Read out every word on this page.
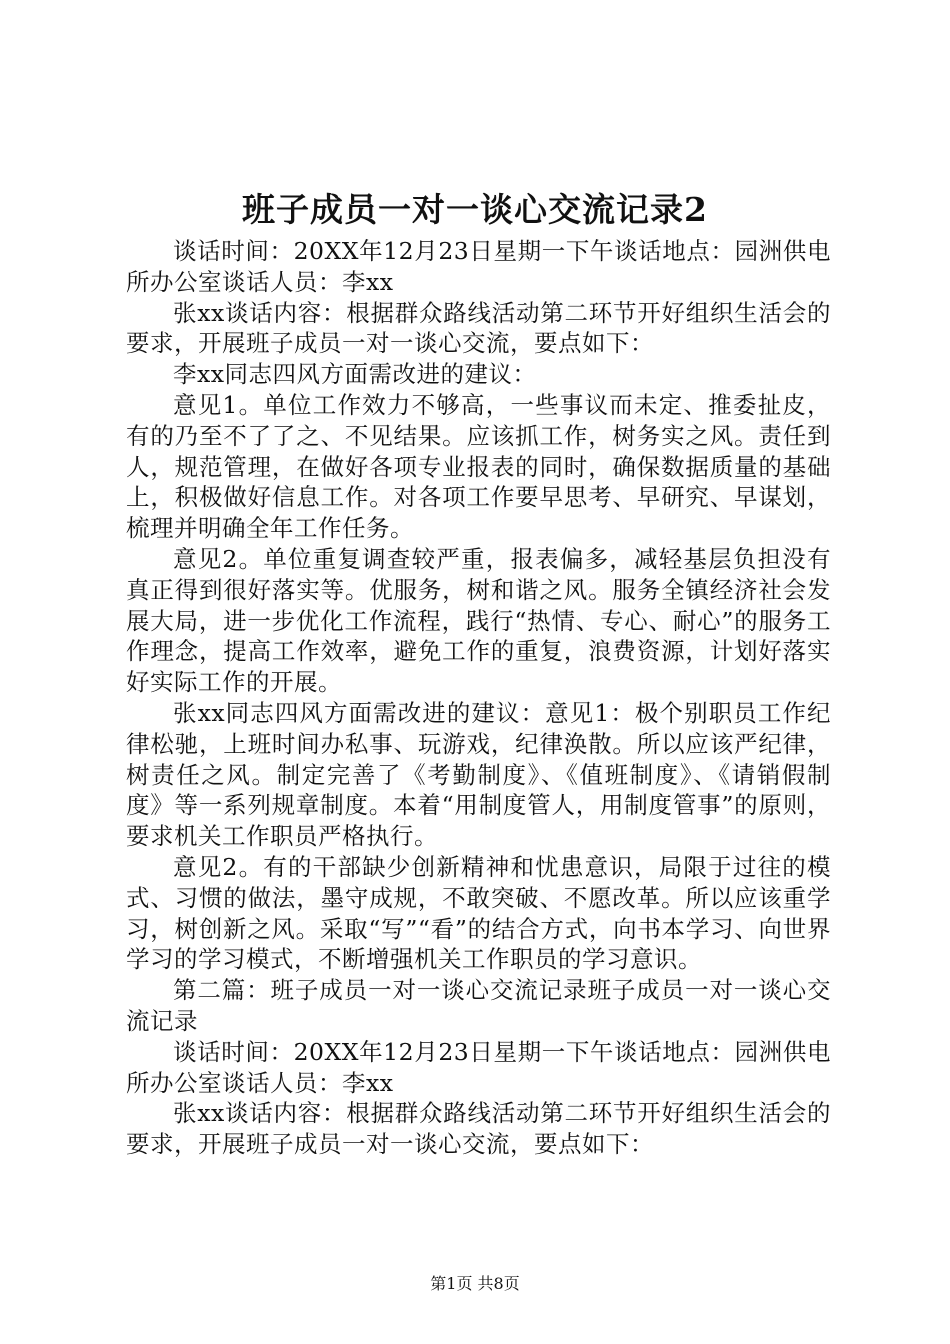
班子成员一对一谈心交流记录2

谈话时间：20XX年12月23日星期一下午谈话地点：园洲供电所办公室谈话人员：李xx

张xx谈话内容：根据群众路线活动第二环节开好组织生活会的要求，开展班子成员一对一谈心交流，要点如下：

李xx同志四风方面需改进的建议：

意见1。单位工作效力不够高，一些事议而未定、推委扯皮，有的乃至不了了之、不见结果。应该抓工作，树务实之风。责任到人，规范管理，在做好各项专业报表的同时，确保数据质量的基础上，积极做好信息工作。对各项工作要早思考、早研究、早谋划，梳理并明确全年工作任务。

意见2。单位重复调查较严重，报表偏多，减轻基层负担没有真正得到很好落实等。优服务，树和谐之风。服务全镇经济社会发展大局，进一步优化工作流程，践行“热情、专心、耐心”的服务工作理念，提高工作效率，避免工作的重复，浪费资源，计划好落实好实际工作的开展。

张xx同志四风方面需改进的建议：意见1：极个别职员工作纪律松驰，上班时间办私事、玩游戏，纪律涣散。所以应该严纪律，树责任之风。制定完善了《考勤制度》、《值班制度》、《请销假制度》等一系列规章制度。本着“用制度管人，用制度管事”的原则，要求机关工作职员严格执行。

意见2。有的干部缺少创新精神和忧患意识，局限于过往的模式、习惯的做法，墨守成规，不敢突破、不愿改革。所以应该重学习，树创新之风。采取“写”“看”的结合方式，向书本学习、向世界学习的学习模式，不断增强机关工作职员的学习意识。

第二篇：班子成员一对一谈心交流记录班子成员一对一谈心交流记录

谈话时间：20XX年12月23日星期一下午谈话地点：园洲供电所办公室谈话人员：李xx

张xx谈话内容：根据群众路线活动第二环节开好组织生活会的要求，开展班子成员一对一谈心交流，要点如下：

第1页 共8页
